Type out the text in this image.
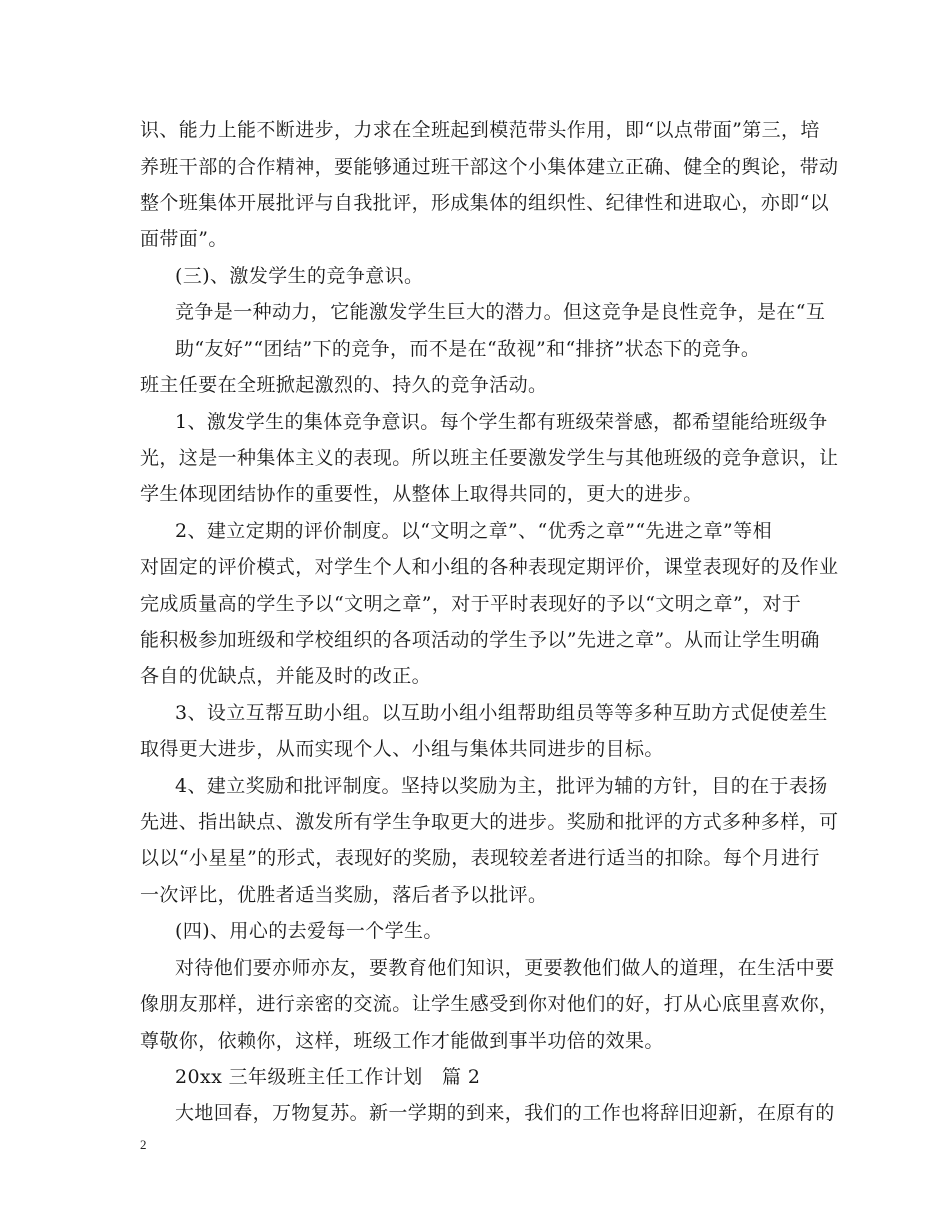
识、能力上能不断进步，力求在全班起到模范带头作用，即“以点带面”第三，培
养班干部的合作精神，要能够通过班干部这个小集体建立正确、健全的舆论，带动
整个班集体开展批评与自我批评，形成集体的组织性、纪律性和进取心，亦即“以
面带面”。
(三)、激发学生的竞争意识。
竞争是一种动力，它能激发学生巨大的潜力。但这竞争是良性竞争，是在“互
助“友好”“团结”下的竞争，而不是在“敌视”和“排挤”状态下的竞争。
班主任要在全班掀起激烈的、持久的竞争活动。
1、激发学生的集体竞争意识。每个学生都有班级荣誉感，都希望能给班级争
光，这是一种集体主义的表现。所以班主任要激发学生与其他班级的竞争意识，让
学生体现团结协作的重要性，从整体上取得共同的，更大的进步。
2、建立定期的评价制度。以“文明之章”、“优秀之章”“先进之章”等相
对固定的评价模式，对学生个人和小组的各种表现定期评价，课堂表现好的及作业
完成质量高的学生予以“文明之章”，对于平时表现好的予以“文明之章”，对于
能积极参加班级和学校组织的各项活动的学生予以”先进之章”。从而让学生明确
各自的优缺点，并能及时的改正。
3、设立互帮互助小组。以互助小组小组帮助组员等等多种互助方式促使差生
取得更大进步，从而实现个人、小组与集体共同进步的目标。
4、建立奖励和批评制度。坚持以奖励为主，批评为辅的方针，目的在于表扬
先进、指出缺点、激发所有学生争取更大的进步。奖励和批评的方式多种多样，可
以以“小星星”的形式，表现好的奖励，表现较差者进行适当的扣除。每个月进行
一次评比，优胜者适当奖励，落后者予以批评。
(四)、用心的去爱每一个学生。
对待他们要亦师亦友，要教育他们知识，更要教他们做人的道理，在生活中要
像朋友那样，进行亲密的交流。让学生感受到你对他们的好，打从心底里喜欢你，
尊敬你，依赖你，这样，班级工作才能做到事半功倍的效果。
20xx 三年级班主任工作计划　篇 2
大地回春，万物复苏。新一学期的到来，我们的工作也将辞旧迎新，在原有的
2
